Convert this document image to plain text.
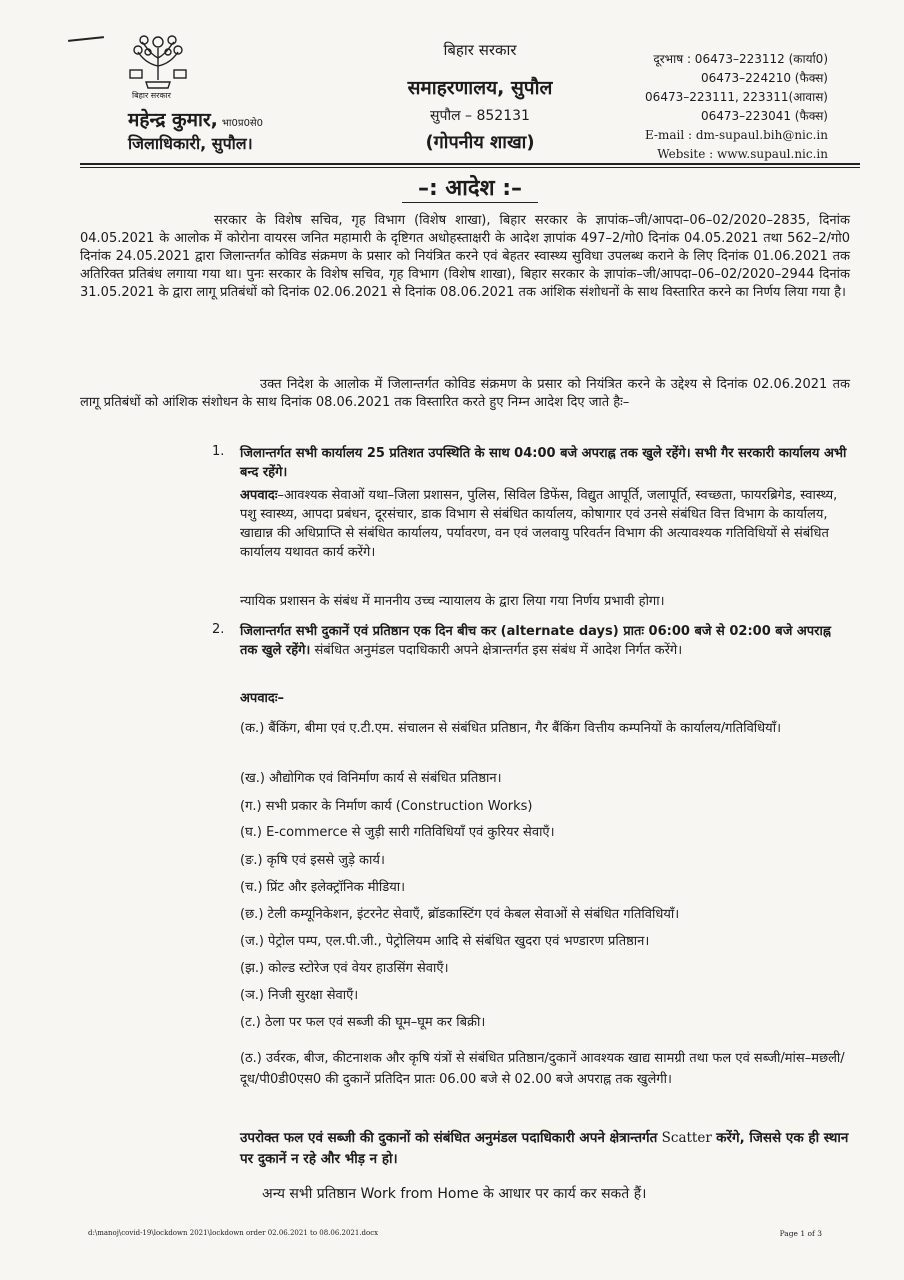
बिहार सरकार
महेन्द्र कुमार, भा0प्र0से0
जिलाधिकारी, सुपौल।
बिहार सरकार
समाहरणालय, सुपौल
सुपौल – 852131
(गोपनीय शाखा)
दूरभाष : 06473–223112 (कार्या0)
06473–224210 (फैक्स)
06473–223111, 223311(आवास)
06473–223041 (फैक्स)
E-mail : dm-supaul.bih@nic.in
Website : www.supaul.nic.in
–: आदेश :–
सरकार के विशेष सचिव, गृह विभाग (विशेष शाखा), बिहार सरकार के ज्ञापांक–जी/आपदा–06–02/2020–2835, दिनांक 04.05.2021 के आलोक में कोरोना वायरस जनित महामारी के दृष्टिगत अधोहस्ताक्षरी के आदेश ज्ञापांक 497–2/गो0 दिनांक 04.05.2021 तथा 562–2/गो0 दिनांक 24.05.2021 द्वारा जिलान्तर्गत कोविड संक्रमण के प्रसार को नियंत्रित करने एवं बेहतर स्वास्थ्य सुविधा उपलब्ध कराने के लिए दिनांक 01.06.2021 तक अतिरिक्त प्रतिबंध लगाया गया था। पुनः सरकार के विशेष सचिव, गृह विभाग (विशेष शाखा), बिहार सरकार के ज्ञापांक–जी/आपदा–06–02/2020–2944 दिनांक 31.05.2021 के द्वारा लागू प्रतिबंधों को दिनांक 02.06.2021 से दिनांक 08.06.2021 तक आंशिक संशोधनों के साथ विस्तारित करने का निर्णय लिया गया है।
उक्त निदेश के आलोक में जिलान्तर्गत कोविड संक्रमण के प्रसार को नियंत्रित करने के उद्देश्य से दिनांक 02.06.2021 तक लागू प्रतिबंधों को आंशिक संशोधन के साथ दिनांक 08.06.2021 तक विस्तारित करते हुए निम्न आदेश दिए जाते हैः–
1. जिलान्तर्गत सभी कार्यालय 25 प्रतिशत उपस्थिति के साथ 04:00 बजे अपराह्न तक खुले रहेंगे। सभी गैर सरकारी कार्यालय अभी बन्द रहेंगे।
अपवादः–आवश्यक सेवाओं यथा–जिला प्रशासन, पुलिस, सिविल डिफेंस, विद्युत आपूर्ति, जलापूर्ति, स्वच्छता, फायरब्रिगेड, स्वास्थ्य, पशु स्वास्थ्य, आपदा प्रबंधन, दूरसंचार, डाक विभाग से संबंधित कार्यालय, कोषागार एवं उनसे संबंधित वित्त विभाग के कार्यालय, खाद्यान्न की अधिप्राप्ति से संबंधित कार्यालय, पर्यावरण, वन एवं जलवायु परिवर्तन विभाग की अत्यावश्यक गतिविधियों से संबंधित कार्यालय यथावत कार्य करेंगे।
न्यायिक प्रशासन के संबंध में माननीय उच्च न्यायालय के द्वारा लिया गया निर्णय प्रभावी होगा।
2. जिलान्तर्गत सभी दुकानें एवं प्रतिष्ठान एक दिन बीच कर (alternate days) प्रातः 06:00 बजे से 02:00 बजे अपराह्न तक खुले रहेंगे। संबंधित अनुमंडल पदाधिकारी अपने क्षेत्रान्तर्गत इस संबंध में आदेश निर्गत करेंगे।
अपवादः–
(क.) बैंकिंग, बीमा एवं ए.टी.एम. संचालन से संबंधित प्रतिष्ठान, गैर बैंकिंग वित्तीय कम्पनियों के कार्यालय/गतिविधियाँ।
(ख.) औद्योगिक एवं विनिर्माण कार्य से संबंधित प्रतिष्ठान।
(ग.) सभी प्रकार के निर्माण कार्य (Construction Works)
(घ.) E-commerce से जुड़ी सारी गतिविधियाँ एवं कुरियर सेवाएँ।
(ङ.) कृषि एवं इससे जुड़े कार्य।
(च.) प्रिंट और इलेक्ट्रॉनिक मीडिया।
(छ.) टेली कम्यूनिकेशन, इंटरनेट सेवाएँ, ब्रॉडकास्टिंग एवं केबल सेवाओं से संबंधित गतिविधियाँ।
(ज.) पेट्रोल पम्प, एल.पी.जी., पेट्रोलियम आदि से संबंधित खुदरा एवं भण्डारण प्रतिष्ठान।
(झ.) कोल्ड स्टोरेज एवं वेयर हाउसिंग सेवाएँ।
(ञ.) निजी सुरक्षा सेवाएँ।
(ट.) ठेला पर फल एवं सब्जी की घूम–घूम कर बिक्री।
(ठ.) उर्वरक, बीज, कीटनाशक और कृषि यंत्रों से संबंधित प्रतिष्ठान/दुकानें आवश्यक खाद्य सामग्री तथा फल एवं सब्जी/मांस–मछली/दूध/पी0डी0एस0 की दुकानें प्रतिदिन प्रातः 06.00 बजे से 02.00 बजे अपराह्न तक खुलेगी।
उपरोक्त फल एवं सब्जी की दुकानों को संबंधित अनुमंडल पदाधिकारी अपने क्षेत्रान्तर्गत Scatter करेंगे, जिससे एक ही स्थान पर दुकानें न रहे और भीड़ न हो।
अन्य सभी प्रतिष्ठान Work from Home के आधार पर कार्य कर सकते हैं।
d:\manoj\covid-19\lockdown 2021\lockdown order 02.06.2021 to 08.06.2021.docx	Page 1 of 3
